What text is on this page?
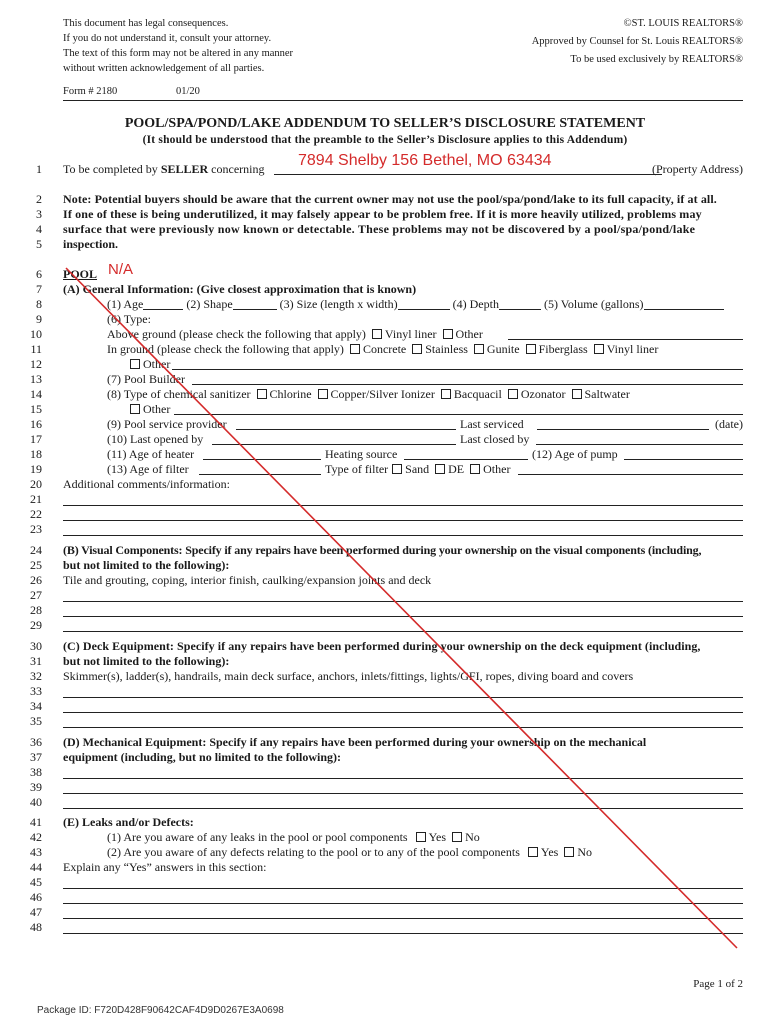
This document has legal consequences.
If you do not understand it, consult your attorney.
The text of this form may not be altered in any manner
without written acknowledgement of all parties.
©ST. LOUIS REALTORS®
Approved by Counsel for St. Louis REALTORS®
To be used exclusively by REALTORS®
Form # 2180	01/20
POOL/SPA/POND/LAKE ADDENDUM TO SELLER’S DISCLOSURE STATEMENT
(It should be understood that the preamble to the Seller’s Disclosure applies to this Addendum)
1 To be completed by SELLER concerning	(Property Address)
7894 Shelby 156 Bethel, MO 63434
2 Note: Potential buyers should be aware that the current owner may not use the pool/spa/pond/lake to its full capacity, if at all.
3 If one of these is being underutilized, it may falsely appear to be problem free. If it is more heavily utilized, problems may
4 surface that were previously now known or detectable. These problems may not be discovered by a pool/spa/pond/lake
5 inspection.
6 POOL N/A
7 (A) General Information: (Give closest approximation that is known)
8	(1) Age	(2) Shape	(3) Size (length x width)	(4) Depth	(5) Volume (gallons)
9	(6) Type:
10	Above ground (please check the following that apply) Vinyl liner Other
11	In ground (please check the following that apply) Concrete Stainless Gunite Fiberglass Vinyl liner
12	Other
13	(7) Pool Builder
14	(8) Type of chemical sanitizer Chlorine Copper/Silver Ionizer Bacquacil Ozonator Saltwater
15	Other
16	(9) Pool service provider	Last serviced	(date)
17	(10) Last opened by	Last closed by
18	(11) Age of heater	Heating source	(12) Age of pump
19	(13) Age of filter	Type of filter Sand DE Other
20 Additional comments/information:
21
22
23
24 (B) Visual Components: Specify if any repairs have been performed during your ownership on the visual components (including,
25 but not limited to the following):
26 Tile and grouting, coping, interior finish, caulking/expansion joints and deck
27
28
29
30 (C) Deck Equipment: Specify if any repairs have been performed during your ownership on the deck equipment (including,
31 but not limited to the following):
32 Skimmer(s), ladder(s), handrails, main deck surface, anchors, inlets/fittings, lights/GFI, ropes, diving board and covers
33
34
35
36 (D) Mechanical Equipment: Specify if any repairs have been performed during your ownership on the mechanical
37 equipment (including, but no limited to the following):
38
39
40
41 (E) Leaks and/or Defects:
42	(1) Are you aware of any leaks in the pool or pool components Yes No
43	(2) Are you aware of any defects relating to the pool or to any of the pool components Yes No
44 Explain any “Yes” answers in this section:
45
46
47
48
Page 1 of 2
Package ID: F720D428F90642CAF4D9D0267E3A0698
